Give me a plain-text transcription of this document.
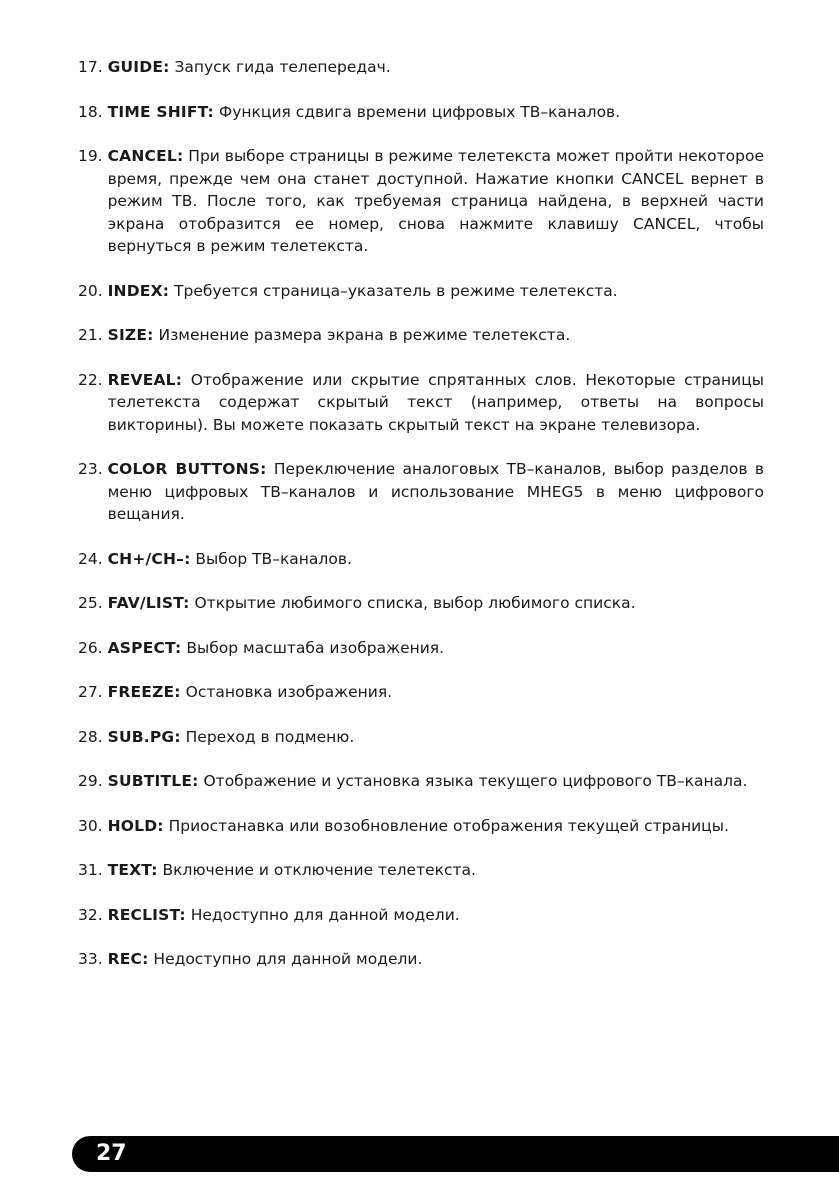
17. GUIDE: Запуск гида телепередач.
18. TIME SHIFT: Функция сдвига времени цифровых ТВ–каналов.
19. CANCEL: При выборе страницы в режиме телетекста может пройти некоторое время, прежде чем она станет доступной. Нажатие кнопки CANCEL вернет в режим ТВ. После того, как требуемая страница найдена, в верхней части экрана отобразится ее номер, снова нажмите клавишу CANCEL, чтобы вернуться в режим телетекста.
20. INDEX: Требуется страница–указатель в режиме телетекста.
21. SIZE: Изменение размера экрана в режиме телетекста.
22. REVEAL: Отображение или скрытие спрятанных слов. Некоторые страницы телетекста содержат скрытый текст (например, ответы на вопросы викторины). Вы можете показать скрытый текст на экране телевизора.
23. COLOR BUTTONS: Переключение аналоговых ТВ–каналов, выбор разделов в меню цифровых ТВ–каналов и использование MHEG5 в меню цифрового вещания.
24. CH+/CH–: Выбор ТВ–каналов.
25. FAV/LIST: Открытие любимого списка, выбор любимого списка.
26. ASPECT: Выбор масштаба изображения.
27. FREEZE: Остановка изображения.
28. SUB.PG: Переход в подменю.
29. SUBTITLE: Отображение и установка языка текущего цифрового ТВ–канала.
30. HOLD: Приостанавка или возобновление отображения текущей страницы.
31. TEXT: Включение и отключение телетекста.
32. RECLIST: Недоступно для данной модели.
33. REC: Недоступно для данной модели.
27
